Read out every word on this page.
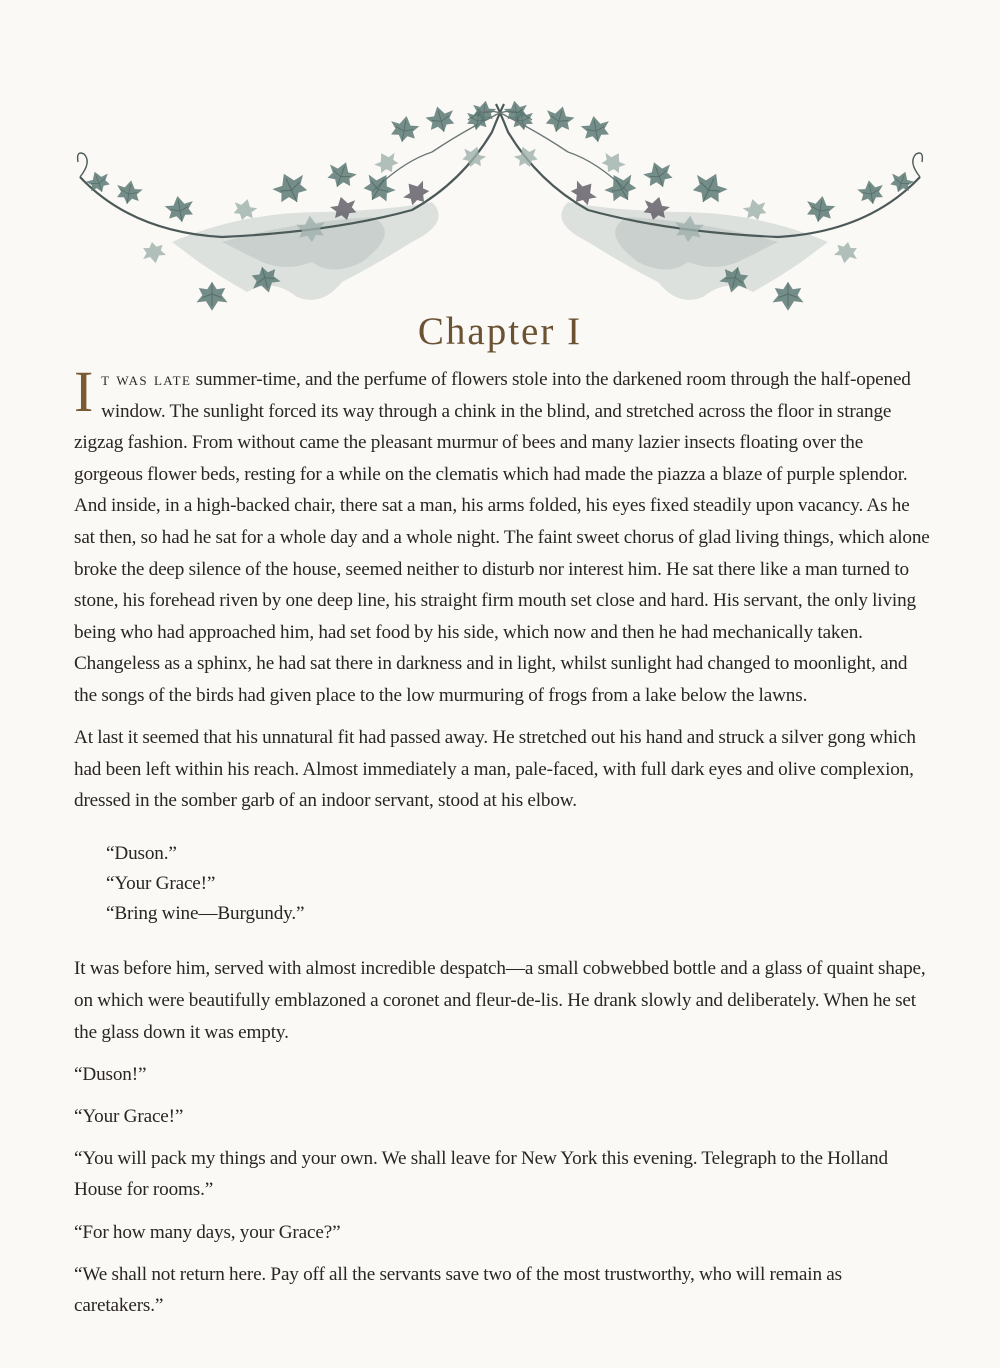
Chapter I

It was late summer-time, and the perfume of flowers stole into the darkened room through the half-opened window. The sunlight forced its way through a chink in the blind, and stretched across the floor in strange zigzag fashion. From without came the pleasant murmur of bees and many lazier insects floating over the gorgeous flower beds, resting for a while on the clematis which had made the piazza a blaze of purple splendor. And inside, in a high-backed chair, there sat a man, his arms folded, his eyes fixed steadily upon vacancy. As he sat then, so had he sat for a whole day and a whole night. The faint sweet chorus of glad living things, which alone broke the deep silence of the house, seemed neither to disturb nor interest him. He sat there like a man turned to stone, his forehead riven by one deep line, his straight firm mouth set close and hard. His servant, the only living being who had approached him, had set food by his side, which now and then he had mechanically taken. Changeless as a sphinx, he had sat there in darkness and in light, whilst sunlight had changed to moonlight, and the songs of the birds had given place to the low murmuring of frogs from a lake below the lawns.

At last it seemed that his unnatural fit had passed away. He stretched out his hand and struck a silver gong which had been left within his reach. Almost immediately a man, pale-faced, with full dark eyes and olive complexion, dressed in the somber garb of an indoor servant, stood at his elbow.

“Duson.”
“Your Grace!”
“Bring wine—Burgundy.”

It was before him, served with almost incredible despatch—a small cobwebbed bottle and a glass of quaint shape, on which were beautifully emblazoned a coronet and fleur-de-lis. He drank slowly and deliberately. When he set the glass down it was empty.

“Duson!”

“Your Grace!”

“You will pack my things and your own. We shall leave for New York this evening. Telegraph to the Holland House for rooms.”

“For how many days, your Grace?”

“We shall not return here. Pay off all the servants save two of the most trustworthy, who will remain as caretakers.”
